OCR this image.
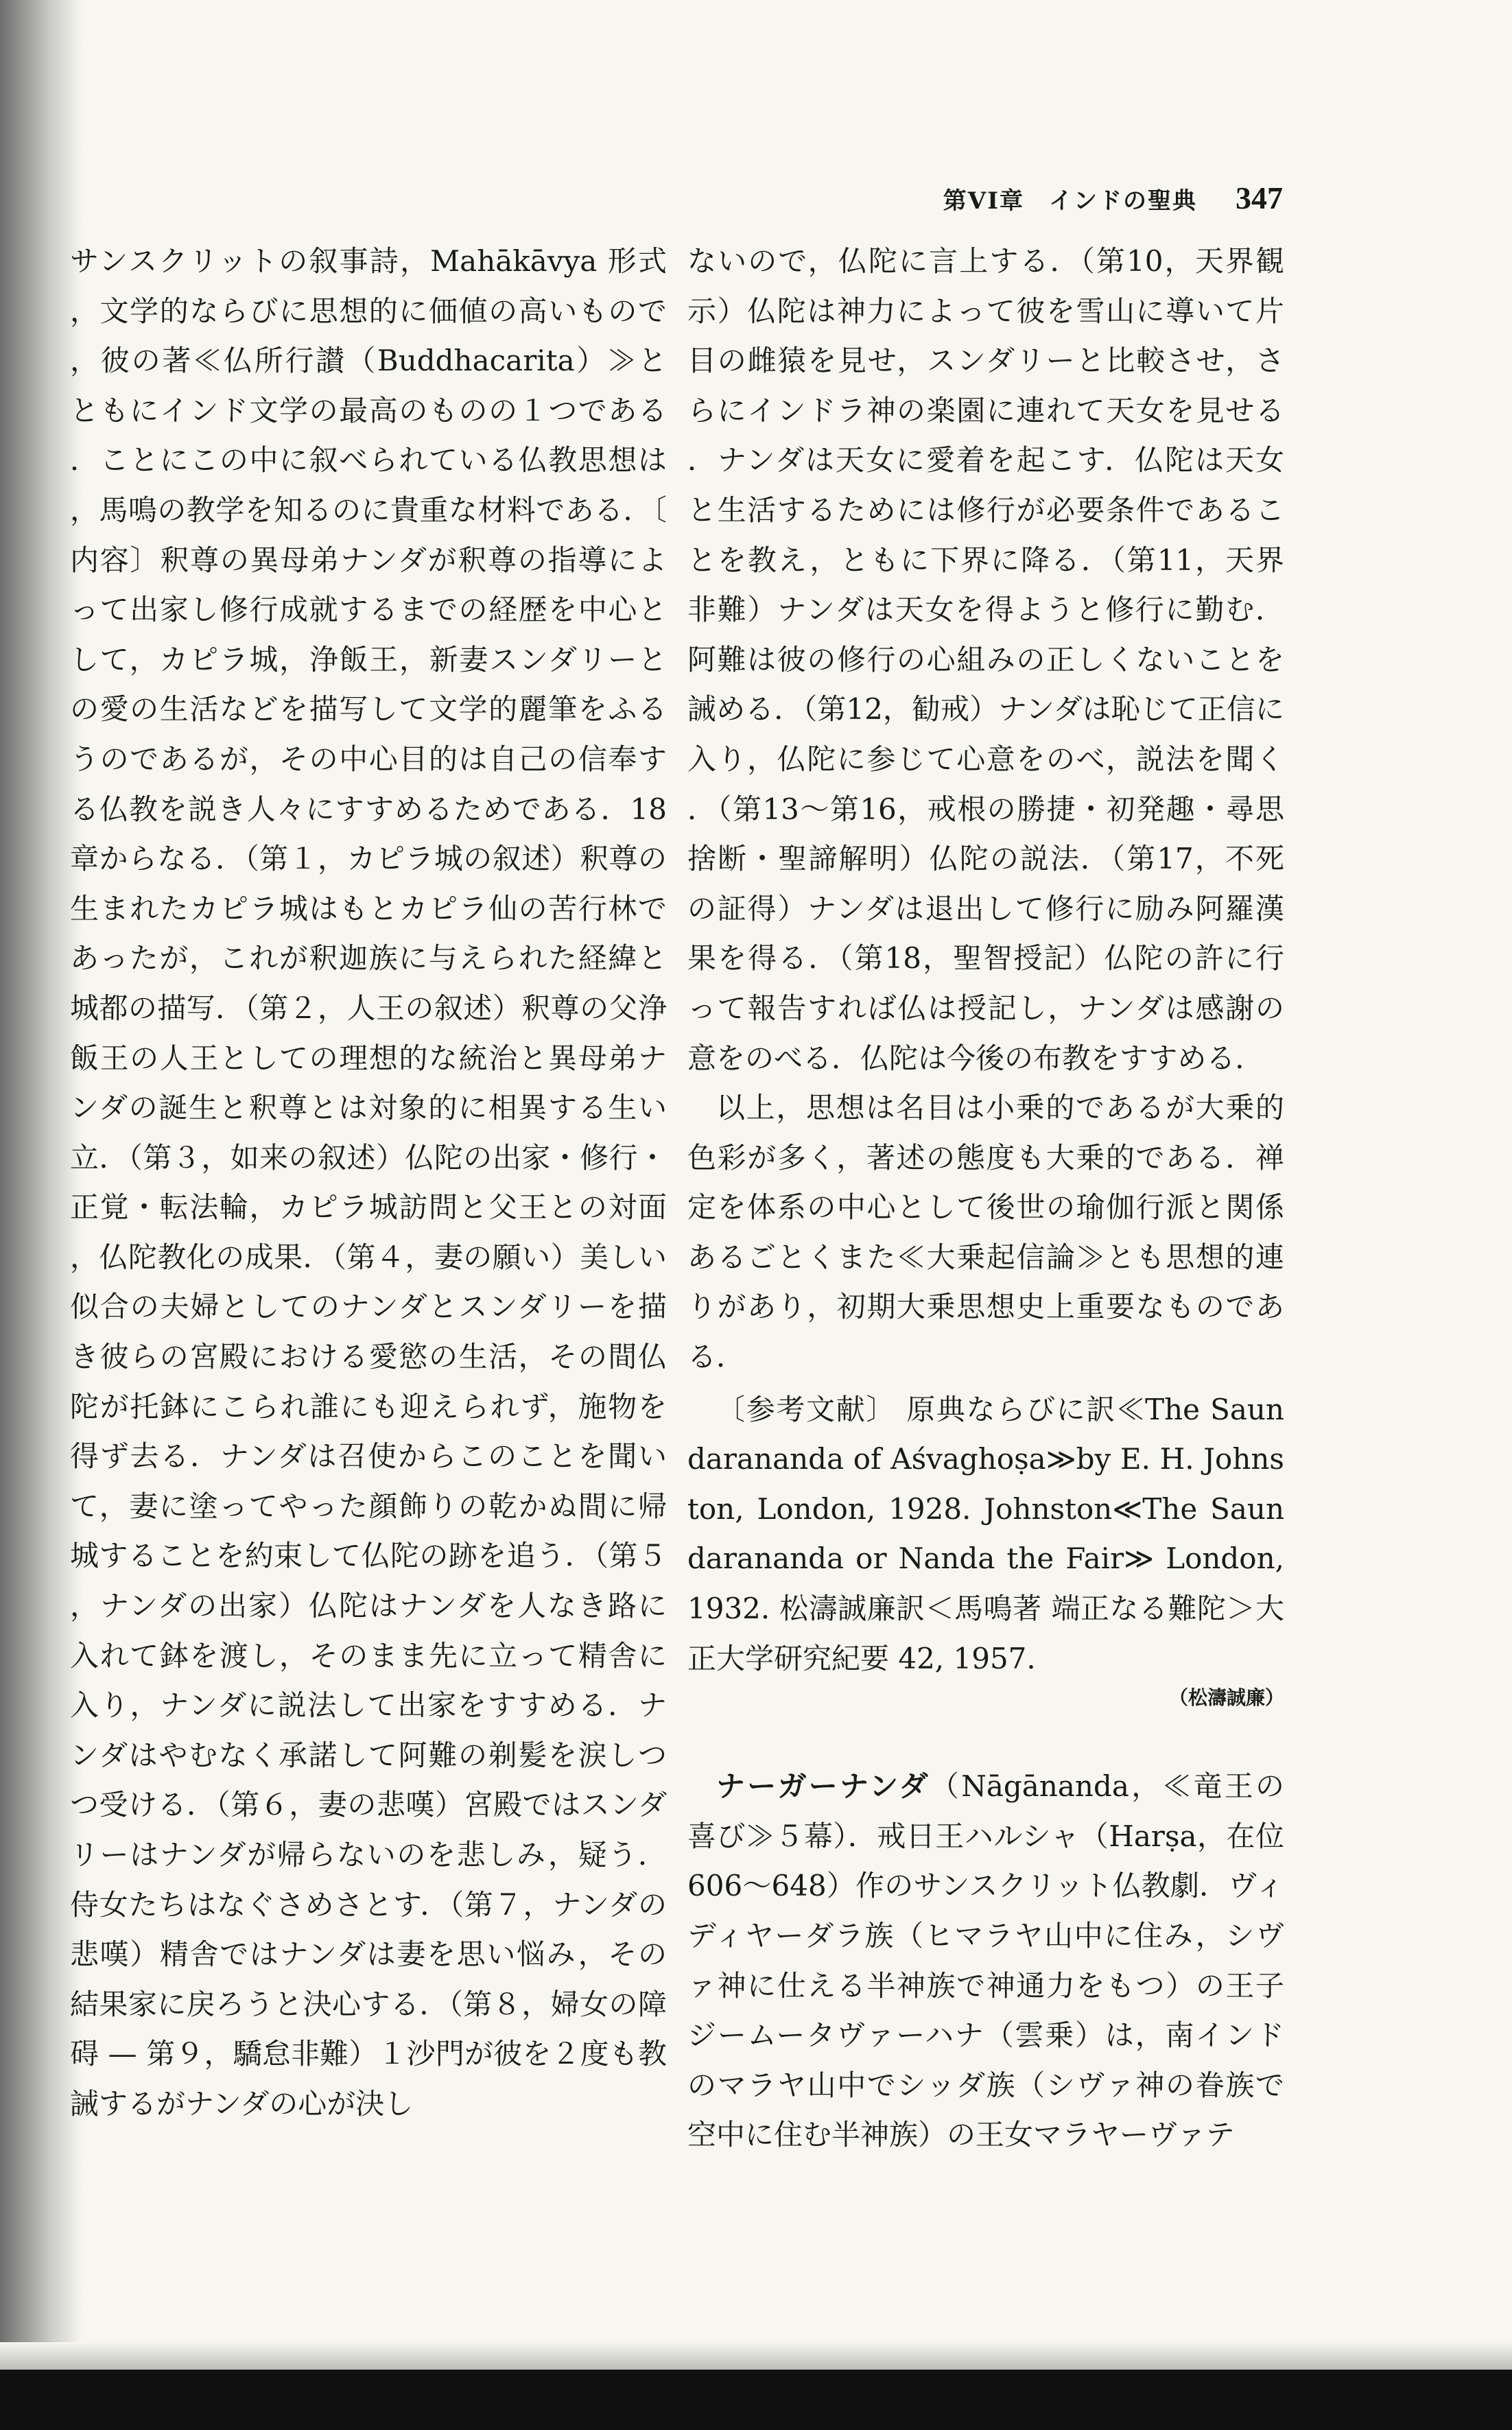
第VI章　インドの聖典 347

サンスクリットの叙事詩，Mahākāvya 形式，文学的ならびに思想的に価値の高いもので，彼の著≪仏所行讃（Buddhacarita）≫とともにインド文学の最高のものの１つである．ことにこの中に叙べられている仏教思想は，馬鳴の教学を知るのに貴重な材料である．〔内容〕釈尊の異母弟ナンダが釈尊の指導によって出家し修行成就するまでの経歴を中心として，カピラ城，浄飯王，新妻スンダリーとの愛の生活などを描写して文学的麗筆をふるうのであるが，その中心目的は自己の信奉する仏教を説き人々にすすめるためである．18章からなる．（第１，カピラ城の叙述）釈尊の生まれたカピラ城はもとカピラ仙の苦行林であったが，これが釈迦族に与えられた経緯と城都の描写．（第２，人王の叙述）釈尊の父浄飯王の人王としての理想的な統治と異母弟ナンダの誕生と釈尊とは対象的に相異する生い立．（第３，如来の叙述）仏陀の出家・修行・正覚・転法輪，カピラ城訪問と父王との対面，仏陀教化の成果．（第４，妻の願い）美しい似合の夫婦としてのナンダとスンダリーを描き彼らの宮殿における愛慾の生活，その間仏陀が托鉢にこられ誰にも迎えられず，施物を得ず去る．ナンダは召使からこのことを聞いて，妻に塗ってやった顔飾りの乾かぬ間に帰城することを約束して仏陀の跡を追う．（第５，ナンダの出家）仏陀はナンダを人なき路に入れて鉢を渡し，そのまま先に立って精舎に入り，ナンダに説法して出家をすすめる．ナンダはやむなく承諾して阿難の剃髪を涙しつつ受ける．（第６，妻の悲嘆）宮殿ではスンダリーはナンダが帰らないのを悲しみ，疑う．侍女たちはなぐさめさとす．（第７，ナンダの悲嘆）精舎ではナンダは妻を思い悩み，その結果家に戻ろうと決心する．（第８，婦女の障碍 — 第９，驕怠非難）１沙門が彼を２度も教誡するがナンダの心が決し

ないので，仏陀に言上する．（第10，天界観示）仏陀は神力によって彼を雪山に導いて片目の雌猿を見せ，スンダリーと比較させ，さらにインドラ神の楽園に連れて天女を見せる．ナンダは天女に愛着を起こす．仏陀は天女と生活するためには修行が必要条件であることを教え，ともに下界に降る．（第11，天界非難）ナンダは天女を得ようと修行に勤む．阿難は彼の修行の心組みの正しくないことを誡める．（第12，勧戒）ナンダは恥じて正信に入り，仏陀に参じて心意をのべ，説法を聞く．（第13〜第16，戒根の勝捷・初発趣・尋思捨断・聖諦解明）仏陀の説法．（第17，不死の証得）ナンダは退出して修行に励み阿羅漢果を得る．（第18，聖智授記）仏陀の許に行って報告すれば仏は授記し，ナンダは感謝の意をのべる．仏陀は今後の布教をすすめる．

以上，思想は名目は小乗的であるが大乗的色彩が多く，著述の態度も大乗的である．禅定を体系の中心として後世の瑜伽行派と関係あるごとくまた≪大乗起信論≫とも思想的連りがあり，初期大乗思想史上重要なものである．

〔参考文献〕 原典ならびに訳≪The Saundarananda of Aśvaghoṣa≫by E. H. Johnston, London, 1928. Johnston≪The Saundarananda or Nanda the Fair≫ London, 1932. 松濤誠廉訳＜馬鳴著 端正なる難陀＞大正大学研究紀要 42, 1957.
（松濤誠廉）

ナーガーナンダ（Nāgānanda，≪竜王の喜び≫５幕）．戒日王ハルシャ（Harṣa，在位606〜648）作のサンスクリット仏教劇．ヴィディヤーダラ族（ヒマラヤ山中に住み，シヴァ神に仕える半神族で神通力をもつ）の王子ジームータヴァーハナ（雲乗）は，南インドのマラヤ山中でシッダ族（シヴァ神の眷族で空中に住む半神族）の王女マラヤーヴァテ
